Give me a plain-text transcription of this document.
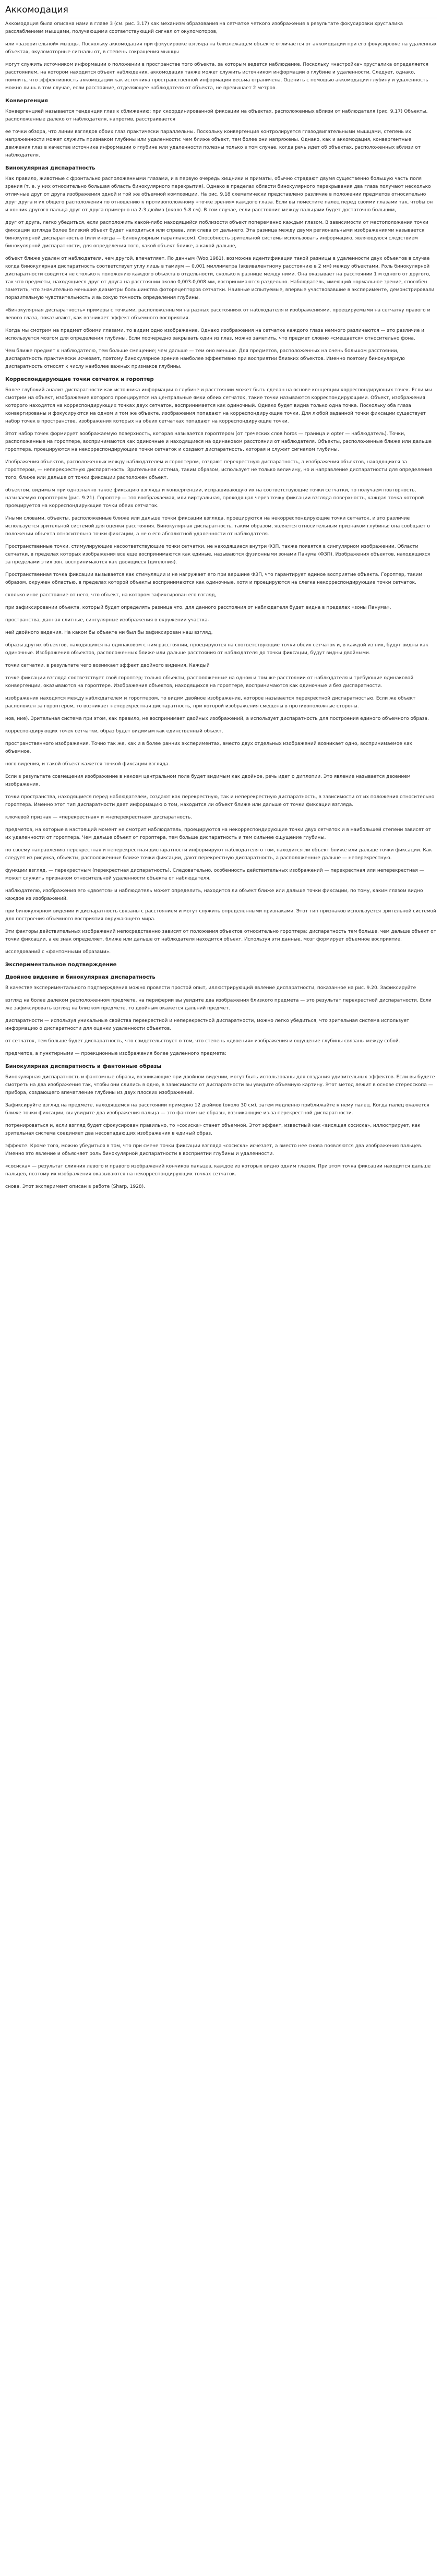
Аккомодация

Аккомодация была описана нами в главе 3 (см. рис. 3.17) как механизм образования на сетчатке четкого изображения в результате фокусировки хрусталика расслаблением мышцами, получающими соответствующий сигнал от окуломоторов,

или «зазорительной» мышцы. Поскольку аккомодация при фокусировке взгляда на близлежащем объекте отличается от аккомодации при его фокусировке на удаленных объектах, окуломоторные сигналы от, в степень сокращения мышцы

могут служить источником информации о положении в пространстве того объекта, за которым ведется наблюдение. Поскольку «настройка» хрусталика определяется расстоянием, на котором находится объект наблюдения, аккомодация также может служить источником информации о глубине и удаленности. Следует, однако, помнить, что эффективность аккомодации как источника пространственной информации весьма ограничена. Оценить с помощью аккомодации глубину и удаленность можно лишь в том случае, если расстояние, отделяющее наблюдателя от объекта, не превышает 2 метров.

Конвергенция

Конвергенцией называется тенденция глаз к сближению: при скоординированной фиксации на объектах, расположенных вблизи от наблюдателя (рис. 9.17) Объекты, расположенные далеко от наблюдателя, напротив, расстраивается

ее точки обзора, что линии взглядов обоих глаз практически параллельны. Поскольку конвергенция контролируется глазодвигательными мышцами, степень их напряженности может служить признаком глубины или удаленности: чем ближе объект, тем более они напряжены. Однако, как и аккомодация, конвергентные движения глаз в качестве источника информации о глубине или удаленности полезны только в том случае, когда речь идет об объектах, расположенных вблизи от наблюдателя.

Бинокулярная диспаратность

Как правило, животные с фронтально расположенными глазами, и в первую очередь хищники и приматы, обычно страдают двумя существенно большую часть поля зрения (т. е. у них относительно большая область бинокулярного перекрытия). Однако в пределах области бинокулярного перекрывания два глаза получают несколько отличные друг от друга изображения одной и той же объемной композиции. На рис. 9.18 схематически представлено различие в положении предметов относительно друг друга и их общего расположения по отношению к противоположному «точке зрения» каждого глаза. Если вы поместите палец перед своими глазами так, чтобы он и кончик другого пальца друг от друга примерно на 2-3 дюйма (около 5-8 см). В том случае, если расстояние между пальцами будет достаточно большим,

друг от друга, легко убедиться, если расположить какой-либо находящийся поблизости объект попеременно каждым глазом. В зависимости от местоположения точки фиксации взгляда более близкий объект будет находиться или справа, или слева от дальнего. Эта разница между двумя региональными изображениями называется бинокулярной диспаратностью (или иногда — бинокулярным параллаксом). Способность зрительной системы использовать информацию, являющуюся следствием бинокулярной диспаратности, для определения того, какой объект ближе, а какой дальше,

объект ближе удален от наблюдателя, чем другой, впечатляет. По данным (Woo,1981), возможна идентификация такой разницы в удаленности двух объектов в случае когда бинокулярная диспаратность соответствует углу лишь в тамиум — 0,001 миллиметра (эквивалентному расстоянию в 2 мм) между объектами. Роль бинокулярной диспаратности сводится не столько к положению каждого объекта в отдельности, сколько к разнице между ними. Она оказывает на расстоянии 1 м одного от другого, так что предметы, находящиеся друг от друга на расстоянии около 0,003-0,008 мм, воспринимаются раздельно. Наблюдатель, имеющий нормальное зрение, способен заметить, что значительно меньшие диаметры большинства фоторецепторов сетчатки. Наивные испытуемые, впервые участвовавшие в эксперименте, демонстрировали поразительную чувствительность и высокую точность определения глубины.

«Бинокулярная диспаратность» примеры с точками, расположенными на разных расстояниях от наблюдателя и изображениями, проецируемыми на сетчатку правого и левого глаза, показывают, как возникает эффект объемного восприятия.

Когда мы смотрим на предмет обоими глазами, то видим одно изображение. Однако изображения на сетчатке каждого глаза немного различаются — это различие и используется мозгом для определения глубины. Если поочередно закрывать один из глаз, можно заметить, что предмет словно «смещается» относительно фона.

Чем ближе предмет к наблюдателю, тем больше смещение; чем дальше — тем оно меньше. Для предметов, расположенных на очень большом расстоянии, диспаратность практически исчезает, поэтому бинокулярное зрение наиболее эффективно при восприятии близких объектов. Именно поэтому бинокулярную диспаратность относят к числу наиболее важных признаков глубины.

Корреспондирующие точки сетчаток и гороптер

Более глубокий анализ диспаратности как источника информации о глубине и расстоянии может быть сделан на основе концепции корреспондирующих точек. Если мы смотрим на объект, изображение которого проецируется на центральные ямки обеих сетчаток, такие точки называются корреспондирующими. Объект, изображения которого находятся на корреспондирующих точках двух сетчаток, воспринимается как одиночный. Однако будет видна только одна точка. Поскольку оба глаза конвергированы и фокусируются на одном и том же объекте, изображения попадают на корреспондирующие точки. Для любой заданной точки фиксации существует набор точек в пространстве, изображения которых на обеих сетчатках попадают на корреспондирующие точки.

Этот набор точек формирует воображаемую поверхность, которая называется гороптером (от греческих слов horos — граница и opter — наблюдатель). Точки, расположенные на гороптере, воспринимаются как одиночные и находящиеся на одинаковом расстоянии от наблюдателя. Объекты, расположенные ближе или дальше гороптера, проецируются на некорреспондирующие точки сетчаток и создают диспаратность, которая и служит сигналом глубины.

Изображения объектов, расположенных между наблюдателем и гороптером, создают перекрестную диспаратность, а изображения объектов, находящихся за гороптером, — неперекрестную диспаратность. Зрительная система, таким образом, использует не только величину, но и направление диспаратности для определения того, ближе или дальше от точки фиксации расположен объект.

объектом, видимым при однозначно такое фиксацию взгляда и конвергенции, испрашивающую их на соответствующие точки сетчатки, то получаем повторность, называемую гороптером (рис. 9.21). Гороптер — это воображаемая, или виртуальная, проходящая через точку фиксации взгляда поверхность, каждая точка которой проецируется на корреспондирующие точки обеих сетчаток.

Иными словами, объекты, расположенные ближе или дальше точки фиксации взгляда, проецируются на некорреспондирующие точки сетчаток, и это различие используется зрительной системой для оценки расстояния. Бинокулярная диспаратность, таким образом, является относительным признаком глубины: она сообщает о положении объекта относительно точки фиксации, а не о его абсолютной удаленности от наблюдателя.

Пространственные точки, стимулирующие несоответствующие точки сетчатки, не находящиеся внутри ФЗП, также появятся в сингулярном изображении. Области сетчатки, в пределах которых изображения все еще воспринимаются как единые, называются фузионными зонами Панума (ФЗП). Изображения объектов, находящихся за пределами этих зон, воспринимаются как двоящиеся (диплопия).

Пространственная точка фиксации вызывается как стимуляции и не нагружает его при вершине ФЗП, что гарантирует единое восприятие объекта. Гороптер, таким образом, окружен областью, в пределах которой объекты воспринимаются как одиночные, хотя и проецируются на слегка некорреспондирующие точки сетчаток.

сколько иное расстояние от него, что объект, на котором зафиксирован его взгляд,

при зафиксировании объекта, который будет определять разница что, для данного расстояния от наблюдателя будет видна в пределах «зоны Панума»,

пространства, данная слитные, сингулярные изображения в окружении участка-

ней двойного видения. На каком бы объекте ни был бы зафиксирован наш взгляд,

образы других объектов, находящихся на одинаковом с ним расстоянии, проецируются на соответствующие точки обеих сетчаток и, в каждой из них, будут видны как одиночные. Изображения объектов, расположенных ближе или дальше расстояния от наблюдателя до точки фиксации, будут видны двойными.

точки сетчатки, в результате чего возникает эффект двойного видения. Каждый

точке фиксации взгляда соответствует свой гороптер; только объекты, расположенные на одном и том же расстоянии от наблюдателя и требующие одинаковой конвергенции, оказываются на гороптере. Изображения объектов, находящихся на гороптере, воспринимаются как одиночные и без диспаратности.

изображения находятся между наблюдателем и гороптером, то видим двойное изображение, которое называется перекрестной диспаратностью. Если же объект расположен за гороптером, то возникает неперекрестная диспаратность, при которой изображения смещены в противоположные стороны.

нов, ние). Зрительная система при этом, как правило, не воспринимает двойных изображений, а использует диспаратность для построения единого объемного образа.

корреспондирующих точек сетчатки, образ будет видимым как единственный объект,

пространственного изображения. Точно так же, как и в более ранних экспериментах, вместо двух отдельных изображений возникает одно, воспринимаемое как объемное.

ного видения, и такой объект кажется точкой фиксации взгляда.

Если в результате совмещения изображение в некоем центральном поле будет видимым как двойное, речь идет о диплопии. Это явление называется двоением изображения.

точки пространства, находящиеся перед наблюдателем, создают как перекрестную, так и неперекрестную диспаратность, в зависимости от их положения относительно гороптера. Именно этот тип диспаратности дает информацию о том, находится ли объект ближе или дальше от точки фиксации взгляда.

ключевой признак — «перекрестная» и «неперекрестная» диспаратность.

предметов, на которые в настоящий момент не смотрит наблюдатель, проецируются на некорреспондирующие точки двух сетчаток и в наибольшей степени зависят от их удаленности от гороптера. Чем дальше объект от гороптера, тем больше диспаратность и тем сильнее ощущение глубины.

по своему направлению перекрестная и неперекрестная диспаратности информируют наблюдателя о том, находится ли объект ближе или дальше точки фиксации. Как следует из рисунка, объекты, расположенные ближе точки фиксации, дают перекрестную диспаратность, а расположенные дальше — неперекрестную.

функции взгляд. — перекрестным (перекрестная диспаратность). Следовательно, особенность действительных изображений — перекрестная или неперекрестная — может служить признаком относительной удаленности объекта от наблюдателя.

наблюдателю, изображения его «двоятся» и наблюдатель может определить, находится ли объект ближе или дальше точки фиксации, по тому, каким глазом видно каждое из изображений.

при бинокулярном видении и диспаратность связаны с расстоянием и могут служить определенными признаками. Этот тип признаков используется зрительной системой для построения объемного восприятия окружающего мира.

Эти факторы действительных изображений непосредственно зависят от положения объектов относительно гороптера: диспаратность тем больше, чем дальше объект от точки фиксации, а ее знак определяет, ближе или дальше от наблюдателя находится объект. Используя эти данные, мозг формирует объемное восприятие.

исследований с «фантомными образами».

Экспериментальное подтверждение
Двойное видение и бинокулярная диспаратность

В качестве экспериментального подтверждения можно провести простой опыт, иллюстрирующий явление диспаратности, показанное на рис. 9.20. Зафиксируйте

взгляд на более далеком расположенном предмете, на периферии вы увидите два изображения близкого предмета — это результат перекрестной диспаратности. Если же зафиксировать взгляд на близком предмете, то двойным окажется дальний предмет.

диспаратности — используя уникальные свойства перекрестной и неперекрестной диспаратности, можно легко убедиться, что зрительная система использует информацию о диспаратности для оценки удаленности объектов.

от сетчаток, тем больше будет диспаратность, что свидетельствует о том, что степень «двоения» изображения и ощущение глубины связаны между собой.

предметов, а пунктирными — проекционные изображения более удаленного предмета:

Бинокулярная диспаратность и фантомные образы

Бинокулярная диспаратность и фантомные образы, возникающие при двойном видении, могут быть использованы для создания удивительных эффектов. Если вы будете смотреть на два изображения так, чтобы они слились в одно, в зависимости от диспаратности вы увидите объемную картину. Этот метод лежит в основе стереоскопа — прибора, создающего впечатление глубины из двух плоских изображений.

Зафиксируйте взгляд на предмете, находящемся на расстоянии примерно 12 дюймов (около 30 см), затем медленно приближайте к нему палец. Когда палец окажется ближе точки фиксации, вы увидите два изображения пальца — это фантомные образы, возникающие из-за перекрестной диспаратности.

потренироваться и, если взгляд будет сфокусирован правильно, то «сосиска» станет объемной. Этот эффект, известный как «висящая сосиска», иллюстрирует, как зрительная система соединяет два несовпадающих изображения в единый образ.

эффекте. Кроме того, можно убедиться в том, что при смене точки фиксации взгляда «сосиска» исчезает, а вместо нее снова появляются два изображения пальцев. Именно это явление и объясняет роль бинокулярной диспаратности в восприятии глубины и удаленности.

«сосиска» — результат слияния левого и правого изображений кончиков пальцев, каждое из которых видно одним глазом. При этом точка фиксации находится дальше пальцев, поэтому их изображения оказываются на некорреспондирующих точках сетчаток.

снова. Этот эксперимент описан в работе (Sharp, 1928).
